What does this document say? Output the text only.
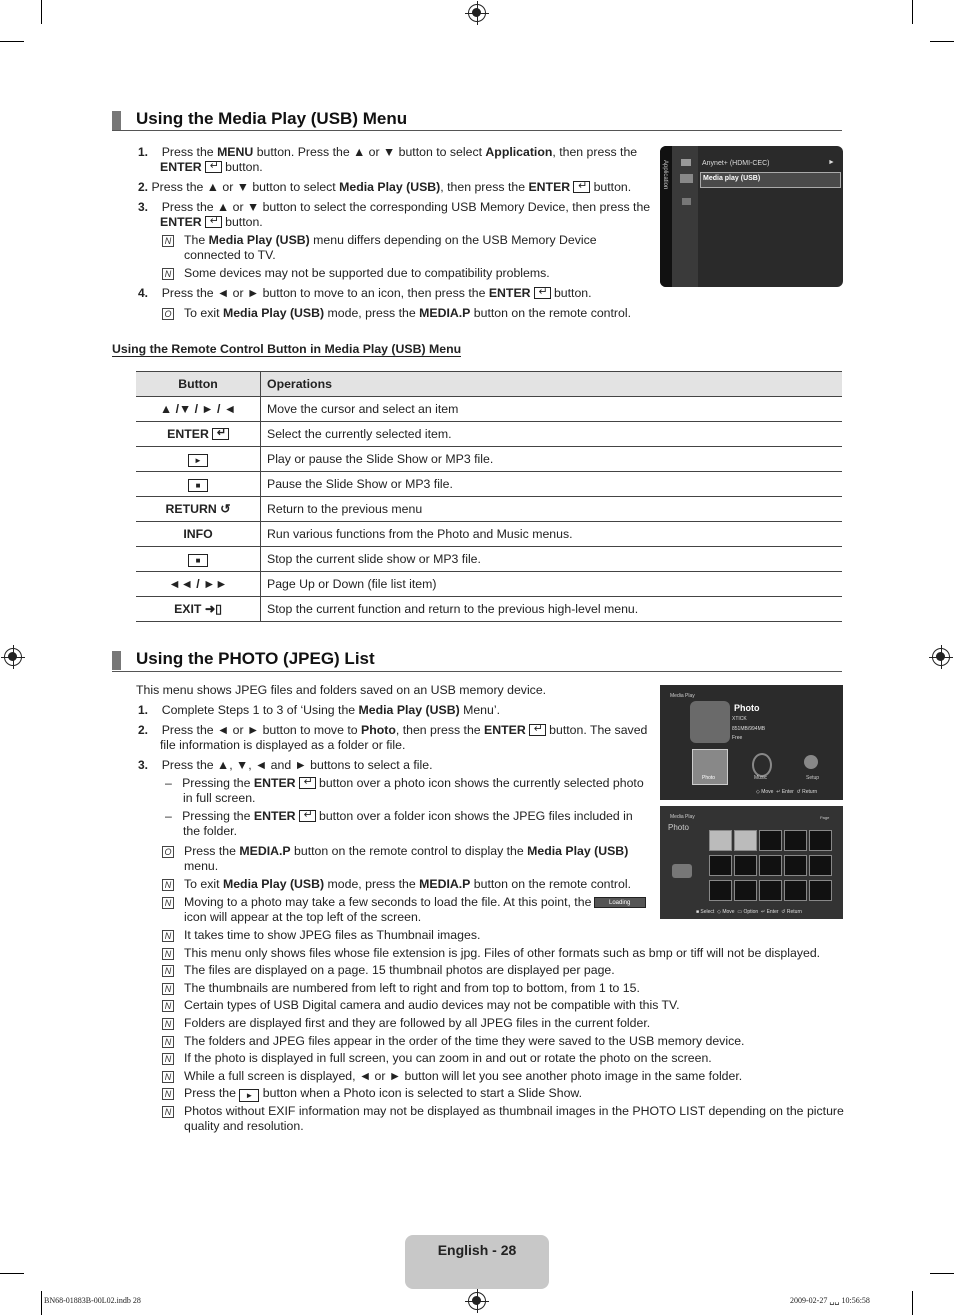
Using the Media Play (USB) Menu
1. Press the MENU button. Press the ▲ or ▼ button to select Application, then press the
ENTER↵ button.
2. Press the ▲ or ▼ button to select Media Play (USB), then press the ENTER↵ button.
3. Press the ▲ or ▼ button to select the corresponding USB Memory Device, then press the
ENTER↵ button.
N The Media Play (USB) menu differs depending on the USB Memory Device
connected to TV.
N Some devices may not be supported due to compatibility problems.
4. Press the ◄ or ► button to move to an icon, then press the ENTER↵ button.
O To exit Media Play (USB) mode, press the MEDIA.P button on the remote control.
Application	Anynet+ (HDMI-CEC)	►
Media play (USB)
Using the Remote Control Button in Media Play (USB) Menu
Button	Operations
▲ /▼ / ► / ◄	Move the cursor and select an item
ENTER↵	Select the currently selected item.
►	Play or pause the Slide Show or MP3 file.
■	Pause the Slide Show or MP3 file.
RETURN ↺	Return to the previous menu
INFO	Run various functions from the Photo and Music menus.
■	Stop the current slide show or MP3 file.
◄◄ / ►►	Page Up or Down (file list item)
EXIT ➜▯	Stop the current function and return to the previous high-level menu.
Using the PHOTO (JPEG) List
This menu shows JPEG files and folders saved on an USB memory device.
1. Complete Steps 1 to 3 of ‘Using the Media Play (USB) Menu’.
2. Press the ◄ or ► button to move to Photo, then press the ENTER↵ button. The saved
file information is displayed as a folder or file.
3. Press the ▲, ▼, ◄ and ► buttons to select a file.
–   Pressing the ENTER↵ button over a photo icon shows the currently selected photo
in full screen.
–   Pressing the ENTER↵ button over a folder icon shows the JPEG files included in
the folder.
O Press the MEDIA.P button on the remote control to display the Media Play (USB)
menu.
N To exit Media Play (USB) mode, press the MEDIA.P button on the remote control.
N Moving to a photo may take a few seconds to load the file. At this point, the
icon will appear at the top left of the screen.
Loading
N It takes time to show JPEG files as Thumbnail images.
N This menu only shows files whose file extension is jpg. Files of other formats such as bmp or tiff will not be displayed.
N The files are displayed on a page. 15 thumbnail photos are displayed per page.
N The thumbnails are numbered from left to right and from top to bottom, from 1 to 15.
N Certain types of USB Digital camera and audio devices may not be compatible with this TV.
N Folders are displayed first and they are followed by all JPEG files in the current folder.
N The folders and JPEG files appear in the order of the time they were saved to the USB memory device.
N If the photo is displayed in full screen, you can zoom in and out or rotate the photo on the screen.
N While a full screen is displayed, ◄ or ► button will let you see another photo image in the same folder.
N Press the ► button when a Photo icon is selected to start a Slide Show.
N Photos without EXIF information may not be displayed as thumbnail images in the PHOTO LIST depending on the picture
quality and resolution.
Media Play
Photo
XTICK
851MB/994MB
Free
Photo	Music	Setup
◇ Move  ↵ Enter  ↺ Return
Media Play	Page
Photo
■ Select  ◇ Move  ▭ Option  ↵ Enter  ↺ Return
English - 28
BN68-01883B-00L02.indb 28	2009-02-27 ␣␣ 10:56:58
